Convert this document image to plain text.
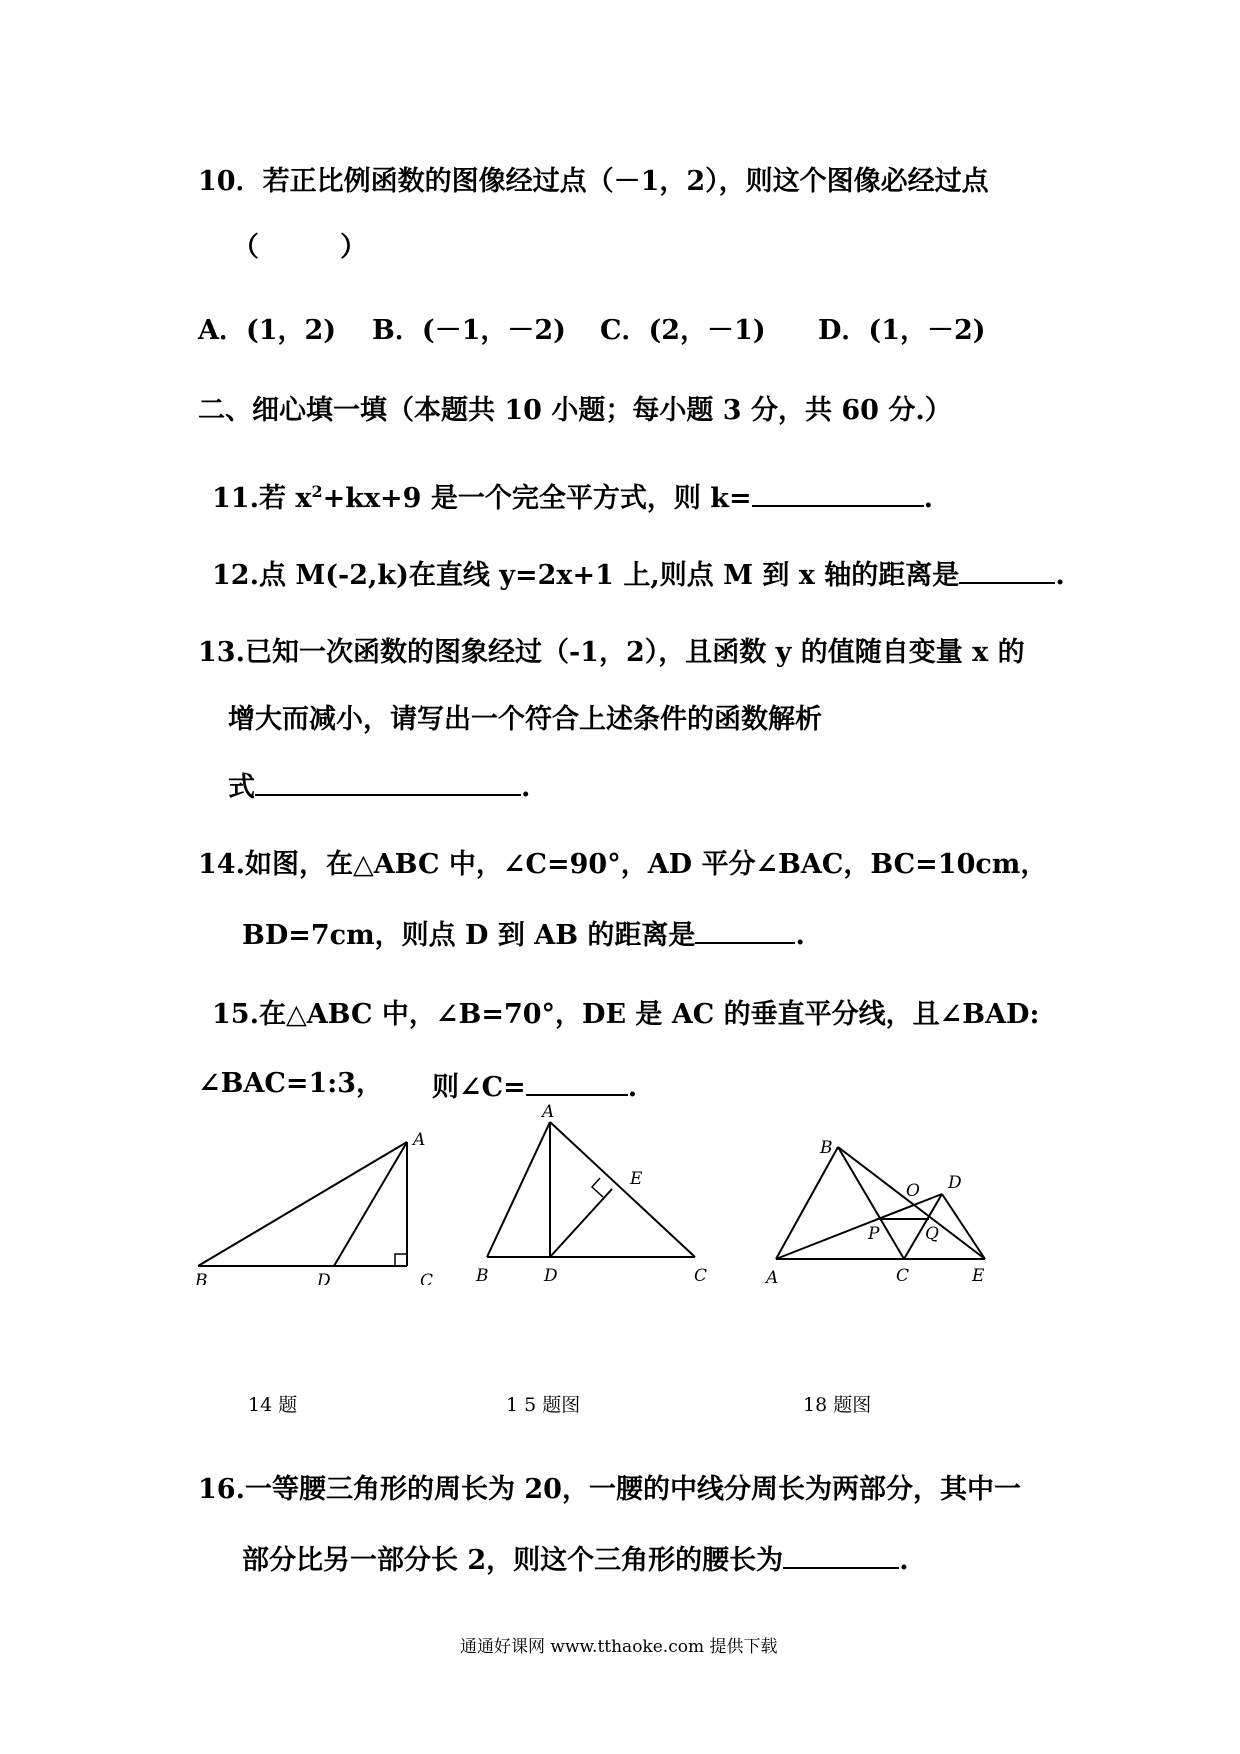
10．若正比例函数的图像经过点（－1，2），则这个图像必经过点
（　　　）
A．(1，2) B．(－1，－2) C．(2，－1) D．(1，－2)
二、细心填一填（本题共 10 小题；每小题 3 分，共 60 分.）
11.若 $x^2+kx+9$ 是一个完全平方式，则 k=	.
12.点 M(-2,k)在直线 y=2x+1 上,则点 M 到 x 轴的距离是	.
13.已知一次函数的图象经过（-1，2），且函数 y 的值随自变量 x 的
增大而减小，请写出一个符合上述条件的函数解析
式	.
14.如图，在△ABC 中，∠C=90°，AD 平分∠BAC，BC=10cm，
BD=7cm，则点 D 到 AB 的距离是	.
15.在△ABC 中，∠B=70°，DE 是 AC 的垂直平分线，且∠BAD:
∠BAC=1:3， 则∠C=	.
A
B	D	C
A
E
B	D	C
B
O D
P	Q
A	C	E
14 题	1 5 题图	18 题图
16.一等腰三角形的周长为 20，一腰的中线分周长为两部分，其中一
部分比另一部分长 2，则这个三角形的腰长为	.
通通好课网 www.tthaoke.com 提供下载
